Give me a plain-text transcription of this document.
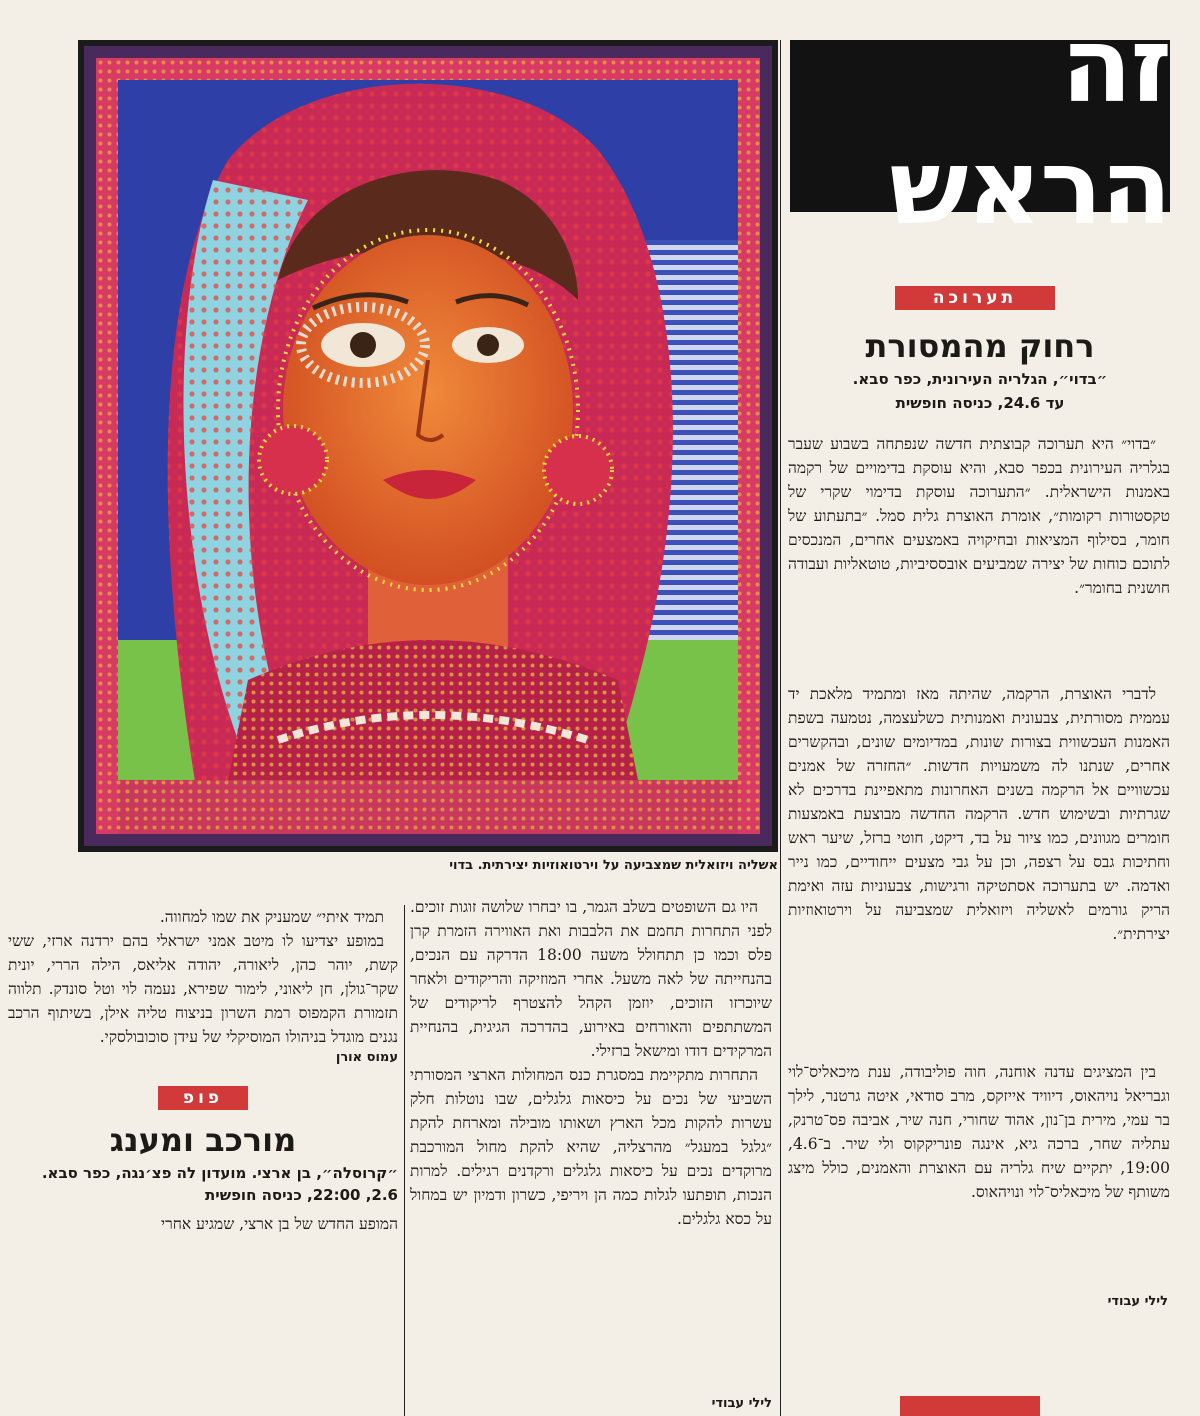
זה הראש
אשליה ויזואלית שמצביעה על וירטואוזיות יצירתית. בדוי
תערוכה
רחוק מהמסורת
״בדוי״, הגלריה העירונית, כפר סבא.
עד 24.6, כניסה חופשית

״בדוי״ היא תערוכה קבוצתית חדשה שנפתחה בשבוע שעבר בגלריה העירונית בכפר סבא, והיא עוסקת בדימויים של רקמה באמנות הישראלית. ״התערוכה עוסקת בדימוי שקרי של טקסטורות רקומות״, אומרת האוצרת גלית סמל. ״בתעתוע של חומר, בסילוף המציאות ובחיקויה באמצעים אחרים, המנכסים לתוכם כוחות של יצירה שמביעים אובססיביות, טוטאליות ועבודה חושנית בחומר״.

לדברי האוצרת, הרקמה, שהיתה מאז ומתמיד מלאכת יד עממית מסורתית, צבעונית ואמנותית כשלעצמה, נטמעה בשפת האמנות העכשווית בצורות שונות, במדיומים שונים, ובהקשרים אחרים, שנתנו לה משמעויות חדשות. ״החזרה של אמנים עכשוויים אל הרקמה בשנים האחרונות מתאפיינת בדרכים לא שגרתיות ובשימוש חדש. הרקמה החדשה מבוצעת באמצעות חומרים מגוונים, כמו ציור על בד, דיקט, חוטי ברזל, שיער ראש וחתיכות גבס על רצפה, וכן על גבי מצעים ייחודיים, כמו נייר ואדמה. יש בתערוכה אסתטיקה ורגישות, צבעוניות עזה ואימת הריק גורמים לאשליה ויזואלית שמצביעה על וירטואוזיות יצירתית״.

בין המציגים עדנה אוחנה, חוה פוליבודה, ענת מיכאליס־לוי וגבריאל נויהאוס, דיוויד אייזקס, מרב סודאי, איטה גרטנר, לילך בר עמי, מירית בן־נון, אהוד שחורי, חנה שיר, אביבה פס־טרנק, עתליה שחר, ברכה גיא, אינגה פונריקקוס ולי שיר. ב־4.6, 19:00, יתקיים שיח גלריה עם האוצרת והאמנים, כולל מיצג משותף של מיכאליס־לוי ונויהאוס.

לילי עבודי

היו גם השופטים בשלב הגמר, בו יבחרו שלושה זוגות זוכים. לפני התחרות תחמם את הלבבות ואת האווירה הזמרת קרן פלס וכמו כן תתחולל משעה 18:00 הדרקה עם הנכים, בהנחייתה של לאה משעל. אחרי המוזיקה והריקודים ולאחר שיוכרזו הזוכים, יוזמן הקהל להצטרף לריקודים של המשתתפים והאורחים באירוע, בהדרכה הגיגית, בהנחיית המרקידים דודו ומישאל ברזילי.

התחרות מתקיימת במסגרת כנס המחולות הארצי המסורתי השביעי של נכים על כיסאות גלגלים, שבו נוטלות חלק עשרות להקות מכל הארץ ושאותו מובילה ומארחת להקת ״גלגל במעגל״ מהרצליה, שהיא להקת מחול המורכבת מרוקדים נכים על כיסאות גלגלים ורקדנים רגילים. למרות הנכות, תופתעו לגלות כמה הן ויריפי, כשרון ודמיון יש במחול על כסא גלגלים.

לילי עבודי

תמיד איתי״ שמעניק את שמו למחווה.

במופע יצדיעו לו מיטב אמני ישראלי בהם ירדנה ארזי, ששי קשת, יוהר כהן, ליאורה, יהודה אליאס, הילה הררי, יונית שקר־גולן, חן ליאוני, לימור שפירא, נעמה לוי וטל סונדק. תלווה תזמורת הקמפוס רמת השרון בניצוח טליה אילן, בשיתוף הרכב נגנים מוגדל בניהולו המוסיקלי של עידן סוכובולסקי.

עמוס אורן
פופ
מורכב ומענג
״קרוסלה״, בן ארצי. מועדון לה פצ׳נגה, כפר סבא. 2.6, 22:00, כניסה חופשית
המופע החדש של בן ארצי, שמגיע אחרי
